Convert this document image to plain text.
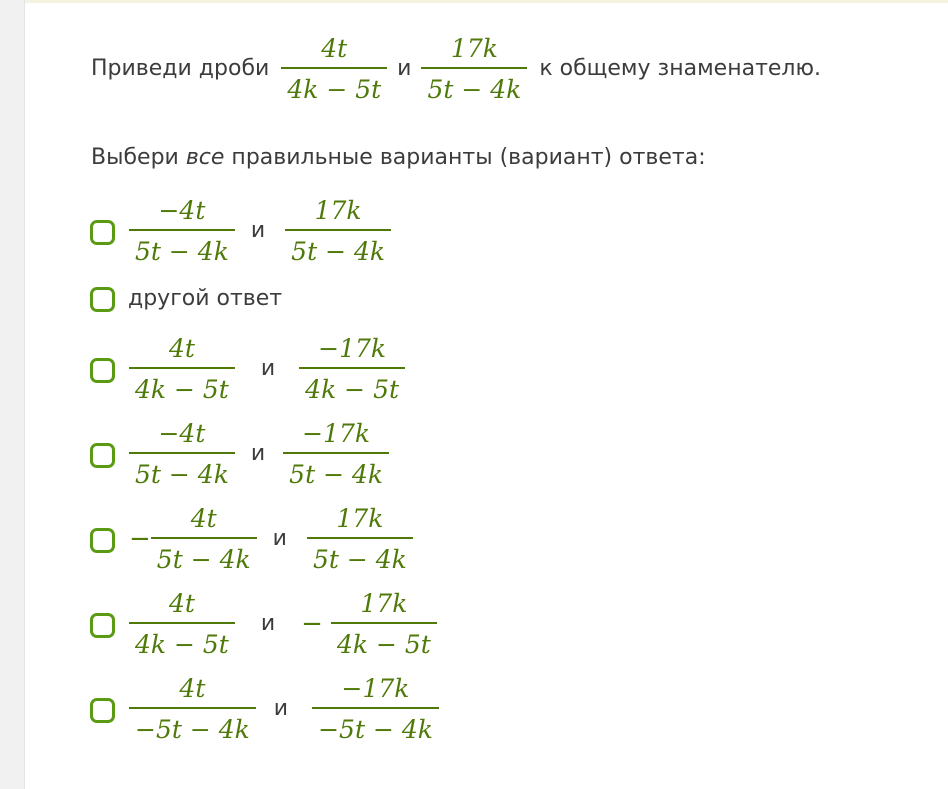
Приведи дроби $\frac{4t}{4k - 5t}$ и $\frac{17k}{5t - 4k}$ к общему знаменателю.
Выбери все правильные варианты (вариант) ответа:
$\frac{-4t}{5t - 4k}$ и $\frac{17k}{5t - 4k}$
другой ответ
$\frac{4t}{4k - 5t}$ и $\frac{-17k}{4k - 5t}$
$\frac{-4t}{5t - 4k}$ и $\frac{-17k}{5t - 4k}$
− $\frac{4t}{5t - 4k}$ и $\frac{17k}{5t - 4k}$
$\frac{4t}{4k - 5t}$ $и - \frac{17k}{4k - 5t}$
$\frac{4t}{-5t - 4k}$ и $\frac{-17k}{-5t - 4k}$
